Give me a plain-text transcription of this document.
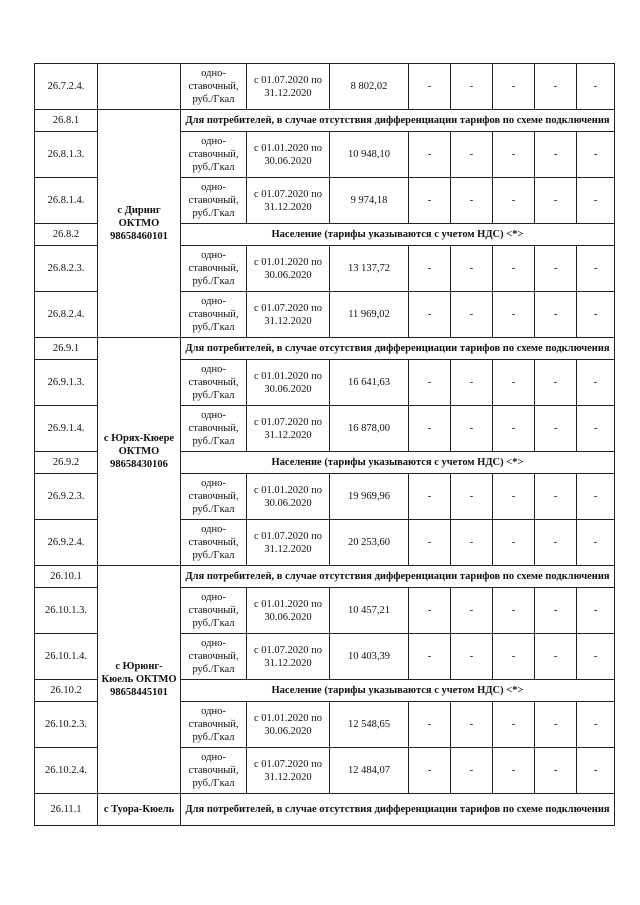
26.7.2.4.		одно-ставочный, руб./Гкал	с 01.07.2020 по 31.12.2020	8 802,02	-	-	-	-	-
26.8.1	с Диринг ОКТМО 98658460101	Для потребителей, в случае отсутствия дифференциации тарифов по схеме подключения							
26.8.1.3.		одно-ставочный, руб./Гкал	с 01.01.2020 по 30.06.2020	10 948,10	-	-	-	-	-
26.8.1.4.		одно-ставочный, руб./Гкал	с 01.07.2020 по 31.12.2020	9 974,18	-	-	-	-	-
26.8.2		Население (тарифы указываются с учетом НДС) <*>							
26.8.2.3.		одно-ставочный, руб./Гкал	с 01.01.2020 по 30.06.2020	13 137,72	-	-	-	-	-
26.8.2.4.		одно-ставочный, руб./Гкал	с 01.07.2020 по 31.12.2020	11 969,02	-	-	-	-	-
26.9.1	с Юрях-Кюере ОКТМО 98658430106	Для потребителей, в случае отсутствия дифференциации тарифов по схеме подключения							
26.9.1.3.		одно-ставочный, руб./Гкал	с 01.01.2020 по 30.06.2020	16 641,63	-	-	-	-	-
26.9.1.4.		одно-ставочный, руб./Гкал	с 01.07.2020 по 31.12.2020	16 878,00	-	-	-	-	-
26.9.2		Население (тарифы указываются с учетом НДС) <*>							
26.9.2.3.		одно-ставочный, руб./Гкал	с 01.01.2020 по 30.06.2020	19 969,96	-	-	-	-	-
26.9.2.4.		одно-ставочный, руб./Гкал	с 01.07.2020 по 31.12.2020	20 253,60	-	-	-	-	-
26.10.1	с Юрюнг-Кюель ОКТМО 98658445101	Для потребителей, в случае отсутствия дифференциации тарифов по схеме подключения							
26.10.1.3.		одно-ставочный, руб./Гкал	с 01.01.2020 по 30.06.2020	10 457,21	-	-	-	-	-
26.10.1.4.		одно-ставочный, руб./Гкал	с 01.07.2020 по 31.12.2020	10 403,39	-	-	-	-	-
26.10.2		Население (тарифы указываются с учетом НДС) <*>							
26.10.2.3.		одно-ставочный, руб./Гкал	с 01.01.2020 по 30.06.2020	12 548,65	-	-	-	-	-
26.10.2.4.		одно-ставочный, руб./Гкал	с 01.07.2020 по 31.12.2020	12 484,07	-	-	-	-	-
26.11.1	с Туора-Кюель	Для потребителей, в случае отсутствия дифференциации тарифов по схеме подключения							
